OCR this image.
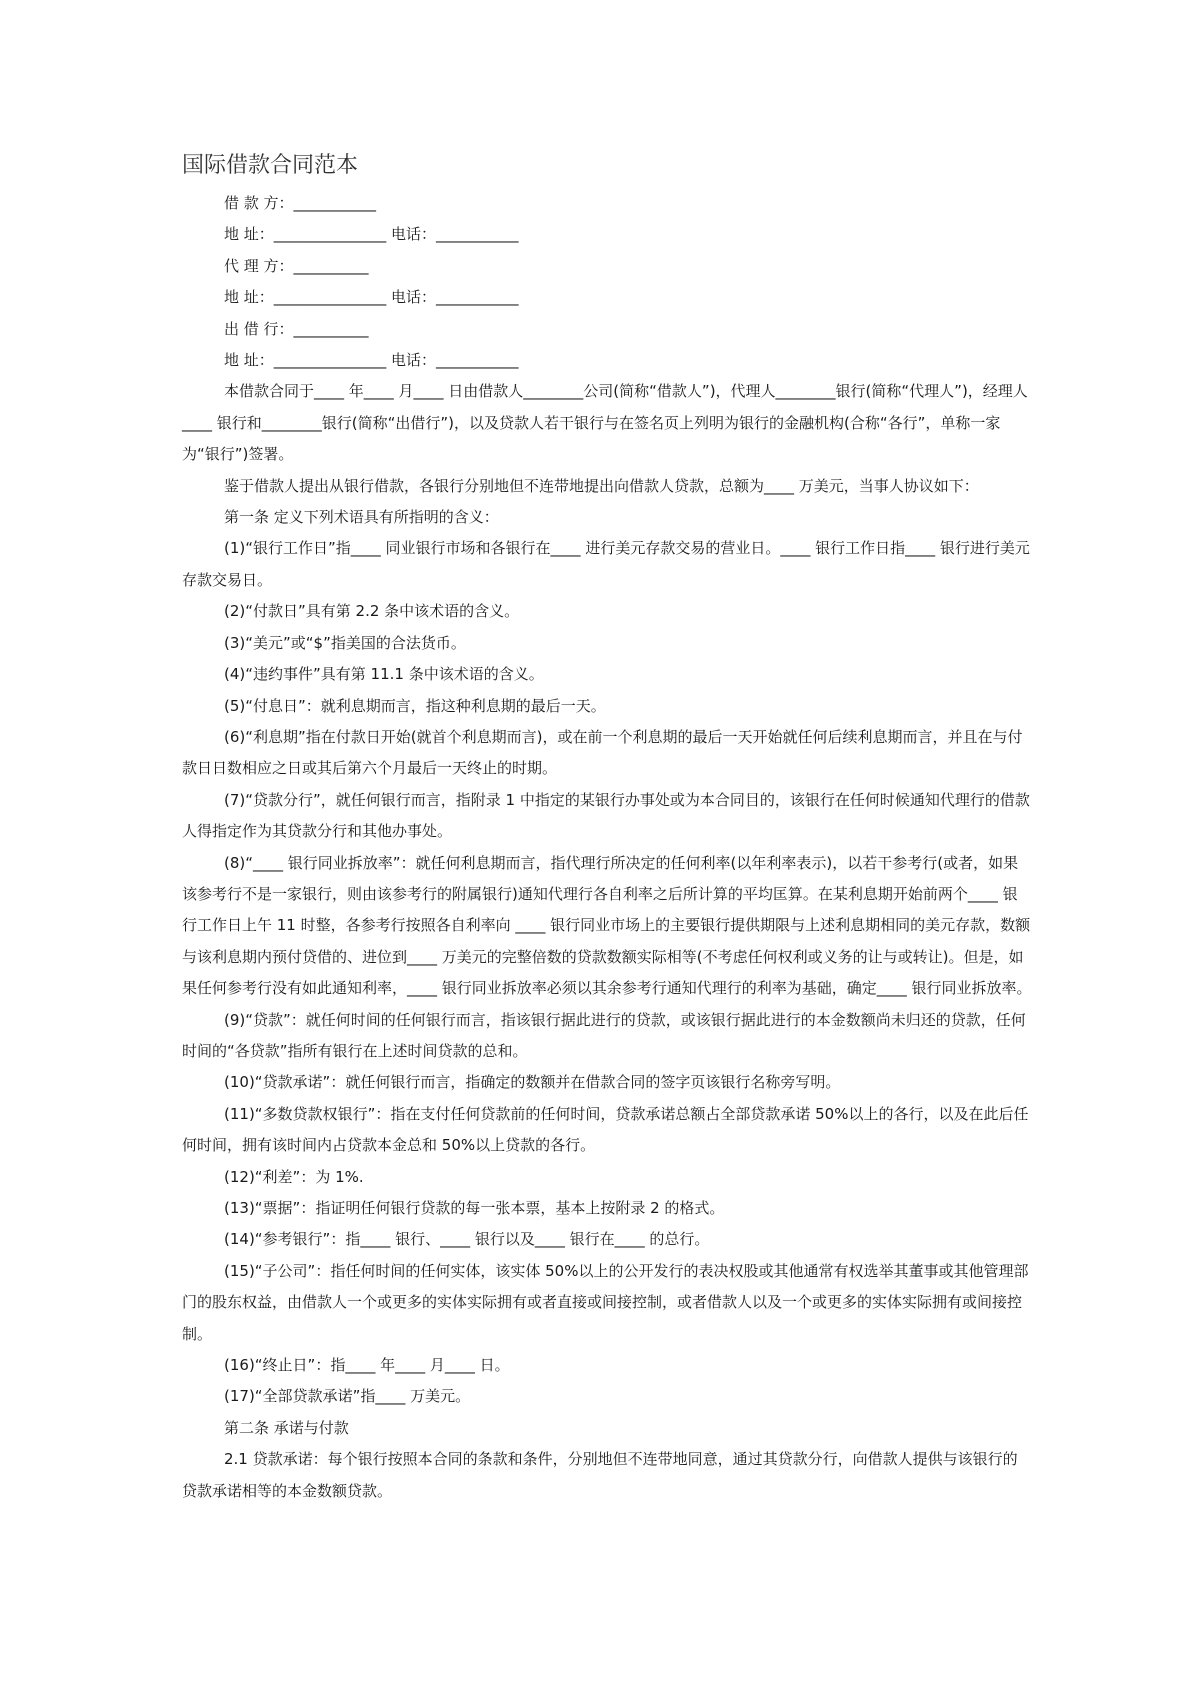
国际借款合同范本

借 款 方：___________

地 址：_______________ 电话：___________

代 理 方：__________

地 址：_______________ 电话：___________

出 借 行：__________

地 址：_______________ 电话：___________

本借款合同于____ 年____ 月____ 日由借款人________公司(简称“借款人”)，代理人________银行(简称“代理人”)，经理人____ 银行和________银行(简称“出借行”)，以及贷款人若干银行与在签名页上列明为银行的金融机构(合称“各行”，单称一家为“银行”)签署。

鉴于借款人提出从银行借款，各银行分别地但不连带地提出向借款人贷款，总额为____ 万美元，当事人协议如下：

第一条 定义下列术语具有所指明的含义：

(1)“银行工作日”指____ 同业银行市场和各银行在____ 进行美元存款交易的营业日。____ 银行工作日指____ 银行进行美元存款交易日。

(2)“付款日”具有第 2.2 条中该术语的含义。

(3)“美元”或“$”指美国的合法货币。

(4)“违约事件”具有第 11.1 条中该术语的含义。

(5)“付息日”：就利息期而言，指这种利息期的最后一天。

(6)“利息期”指在付款日开始(就首个利息期而言)，或在前一个利息期的最后一天开始就任何后续利息期而言，并且在与付款日日数相应之日或其后第六个月最后一天终止的时期。

(7)“贷款分行”，就任何银行而言，指附录 1 中指定的某银行办事处或为本合同目的，该银行在任何时候通知代理行的借款人得指定作为其贷款分行和其他办事处。

(8)“____ 银行同业拆放率”：就任何利息期而言，指代理行所决定的任何利率(以年利率表示)，以若干参考行(或者，如果该参考行不是一家银行，则由该参考行的附属银行)通知代理行各自利率之后所计算的平均匡算。在某利息期开始前两个____ 银行工作日上午 11 时整，各参考行按照各自利率向 ____ 银行同业市场上的主要银行提供期限与上述利息期相同的美元存款，数额与该利息期内预付贷借的、进位到____ 万美元的完整倍数的贷款数额实际相等(不考虑任何权利或义务的让与或转让)。但是，如果任何参考行没有如此通知利率，____ 银行同业拆放率必须以其余参考行通知代理行的利率为基础，确定____ 银行同业拆放率。

(9)“贷款”：就任何时间的任何银行而言，指该银行据此进行的贷款，或该银行据此进行的本金数额尚未归还的贷款，任何时间的“各贷款”指所有银行在上述时间贷款的总和。

(10)“贷款承诺”：就任何银行而言，指确定的数额并在借款合同的签字页该银行名称旁写明。

(11)“多数贷款权银行”：指在支付任何贷款前的任何时间，贷款承诺总额占全部贷款承诺 50%以上的各行，以及在此后任何时间，拥有该时间内占贷款本金总和 50%以上贷款的各行。

(12)“利差”：为 1%.

(13)“票据”：指证明任何银行贷款的每一张本票，基本上按附录 2 的格式。

(14)“参考银行”：指____ 银行、____ 银行以及____ 银行在____ 的总行。

(15)“子公司”：指任何时间的任何实体，该实体 50%以上的公开发行的表决权股或其他通常有权选举其董事或其他管理部门的股东权益，由借款人一个或更多的实体实际拥有或者直接或间接控制，或者借款人以及一个或更多的实体实际拥有或间接控制。

(16)“终止日”：指____ 年____ 月____ 日。

(17)“全部贷款承诺”指____ 万美元。

第二条 承诺与付款

2.1 贷款承诺：每个银行按照本合同的条款和条件，分别地但不连带地同意，通过其贷款分行，向借款人提供与该银行的贷款承诺相等的本金数额贷款。
